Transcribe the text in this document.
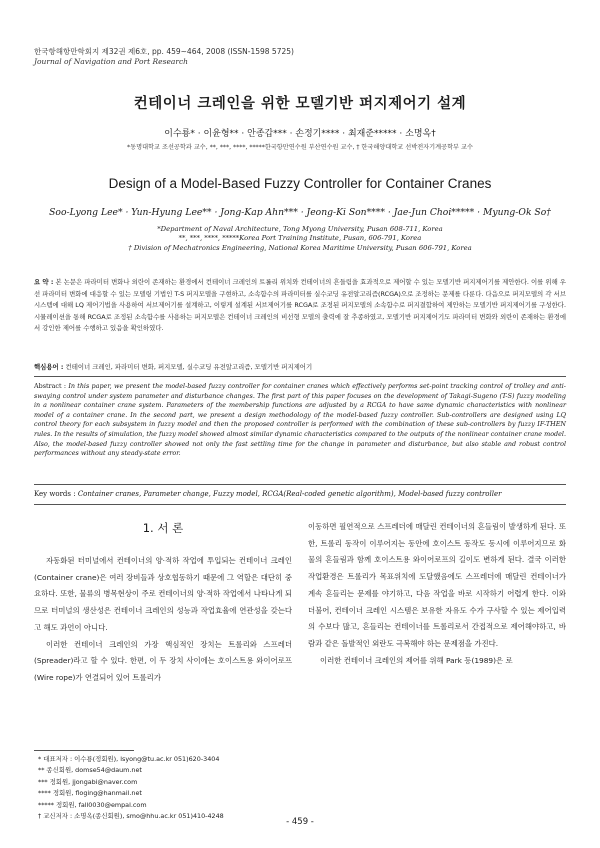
한국항해항만학회지 제32권 제6호, pp. 459~464, 2008 (ISSN-1598 5725)
Journal of Navigation and Port Research
컨테이너 크레인을 위한 모델기반 퍼지제어기 설계
이수룡* · 이윤형** · 안종갑*** · 손정기**** · 최재준***** · 소명옥†
*동명대학교 조선공학과 교수, **, ***, ****, *****한국항만연수원 부산연수원 교수, † 한국해양대학교 선박전자기계공학부 교수
Design of a Model-Based Fuzzy Controller for Container Cranes
Soo-Lyong Lee* · Yun-Hyung Lee** · Jong-Kap Ahn*** · Jeong-Ki Son**** · Jae-Jun Choi***** · Myung-Ok So†
*Department of Naval Architecture, Tong Myong University, Pusan 608-711, Korea
**, ***, ****, *****Korea Port Training Institute, Pusan, 606-791, Korea
† Division of Mechatronics Engineering, National Korea Maritime University, Pusan 606-791, Korea
요 약 : 본 논문은 파라미터 변화나 외란이 존재하는 환경에서 컨테이너 크레인의 트롤리 위치와 컨테이너의 흔들림을 효과적으로 제어할 수 있는 모델기반 퍼지제어기를 제안한다. 이를 위해 우선 파라미터 변화에 대응할 수 있는 모델링 기법인 T-S 퍼지모델을 구현하고, 소속함수의 파라미터를 실수코딩 유전알고리즘(RCGA)으로 조정하는 문제를 다룬다. 다음으로 퍼지모델의 각 서브시스템에 대해 LQ 제어기법을 사용하여 서브제어기를 설계하고, 이렇게 설계된 서브제어기를 RCGA로 조정된 퍼지모델의 소속함수로 퍼지결합하여 제안하는 모델기반 퍼지제어기를 구성한다. 시뮬레이션을 통해 RCGA로 조정된 소속함수를 사용하는 퍼지모델은 컨테이너 크레인의 비선형 모델의 출력에 잘 추종하였고, 모델기반 퍼지제어기도 파라미터 변화와 외란이 존재하는 환경에서 강인한 제어를 수행하고 있음을 확인하였다.
핵심용어 : 컨테이너 크레인, 파라미터 변화, 퍼지모델, 실수코딩 유전알고리즘, 모델기반 퍼지제어기
Abstract : In this paper, we present the model-based fuzzy controller for container cranes which effectively performs set-point tracking control of trolley and anti-swaying control under system parameter and disturbance changes. The first part of this paper focuses on the development of Takagi-Sugeno (T-S) fuzzy modeling in a nonlinear container crane system. Parameters of the membership functions are adjusted by a RCGA to have same dynamic characteristics with nonlinear model of a container crane. In the second part, we present a design methodology of the model-based fuzzy controller. Sub-controllers are designed using LQ control theory for each subsystem in fuzzy model and then the proposed controller is performed with the combination of these sub-controllers by fuzzy IF-THEN rules. In the results of simulation, the fuzzy model showed almost similar dynamic characteristics compared to the outputs of the nonlinear container crane model. Also, the model-based fuzzy controller showed not only the fast settling time for the change in parameter and disturbance, but also stable and robust control performances without any steady-state error.
Key words : Container cranes, Parameter change, Fuzzy model, RCGA(Real-coded genetic algorithm), Model-based fuzzy controller
1. 서 론

자동화된 터미널에서 컨테이너의 양·적하 작업에 투입되는 컨테이너 크레인(Container crane)은 여러 장비들과 상호협동하기 때문에 그 역할은 대단히 중요하다. 또한, 물류의 병목현상이 주로 컨테이너의 양·적하 작업에서 나타나게 되므로 터미널의 생산성은 컨테이너 크레인의 성능과 작업효율에 연관성을 갖는다고 해도 과언이 아니다.

이러한 컨테이너 크레인의 가장 핵심적인 장치는 트롤리와 스프레더(Spreader)라고 할 수 있다. 한편, 이 두 장치 사이에는 호이스트용 와이어로프(Wire rope)가 연결되어 있어 트롤리가

이동하면 필연적으로 스프레더에 매달린 컨테이너의 흔들림이 발생하게 된다. 또한, 트롤리 동작이 이루어지는 동안에 호이스트 동작도 동시에 이루어지므로 화물의 흔들림과 함께 호이스트용 와이어로프의 길이도 변하게 된다. 결국 이러한 작업환경은 트롤리가 목표위치에 도달했음에도 스프레더에 매달린 컨테이너가 계속 흔들리는 문제를 야기하고, 다음 작업을 바로 시작하기 어렵게 한다. 이와 더불어, 컨테이너 크레인 시스템은 보유한 자유도 수가 구사할 수 있는 제어입력의 수보다 많고, 흔들리는 컨테이너를 트롤리로서 간접적으로 제어해야하고, 바람과 같은 돌발적인 외란도 극복해야 하는 문제점을 가진다.

이러한 컨테이너 크레인의 제어를 위해 Park 등(1989)은 로

* 대표저자 : 이수룡(정회원), lsyong@tu.ac.kr 051)620-3404
** 종신회원, domse54@daum.net
*** 정회원, jjongabi@naver.com
**** 정회원, floging@hanmail.net
***** 정회원, fall0030@empal.com
† 교신저자 : 소명옥(종신회원), smo@hhu.ac.kr 051)410-4248
- 459 -
